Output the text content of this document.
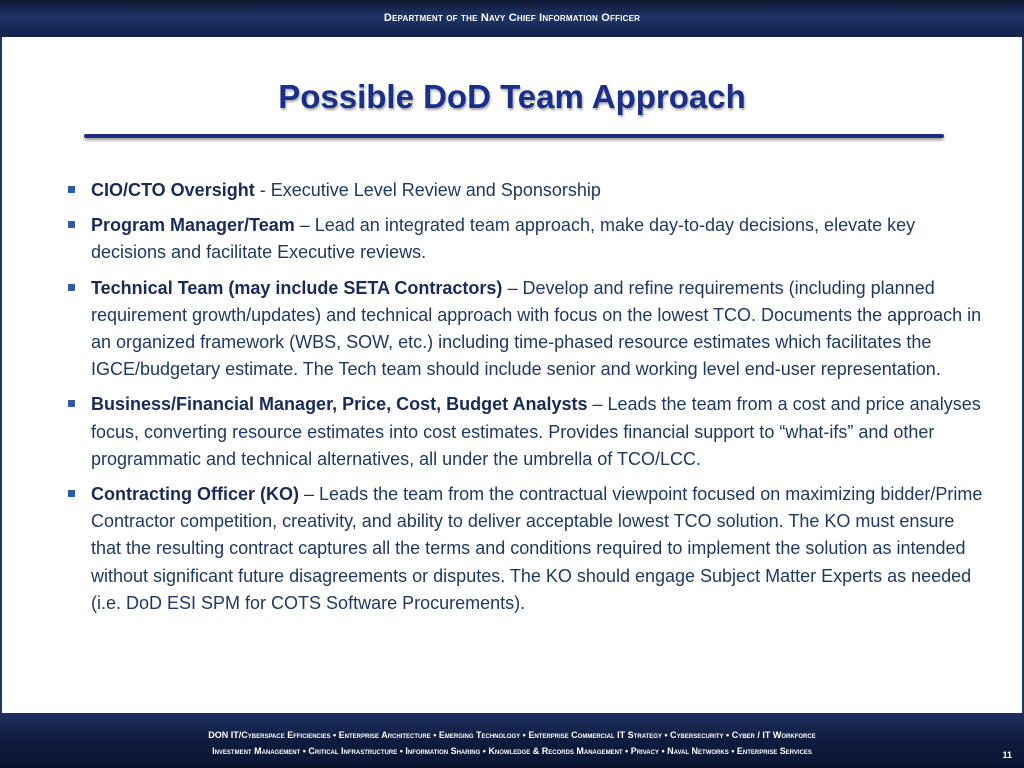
Department of the Navy Chief Information Officer
Possible DoD Team Approach
CIO/CTO Oversight - Executive Level Review and Sponsorship
Program Manager/Team – Lead an integrated team approach, make day-to-day decisions, elevate key decisions and facilitate Executive reviews.
Technical Team (may include SETA Contractors) – Develop and refine requirements (including planned requirement growth/updates) and technical approach with focus on the lowest TCO. Documents the approach in an organized framework (WBS, SOW, etc.) including time-phased resource estimates which facilitates the IGCE/budgetary estimate. The Tech team should include senior and working level end-user representation.
Business/Financial Manager, Price, Cost, Budget Analysts – Leads the team from a cost and price analyses focus, converting resource estimates into cost estimates. Provides financial support to “what-ifs” and other programmatic and technical alternatives, all under the umbrella of TCO/LCC.
Contracting Officer (KO) – Leads the team from the contractual viewpoint focused on maximizing bidder/Prime Contractor competition, creativity, and ability to deliver acceptable lowest TCO solution. The KO must ensure that the resulting contract captures all the terms and conditions required to implement the solution as intended without significant future disagreements or disputes. The KO should engage Subject Matter Experts as needed (i.e. DoD ESI SPM for COTS Software Procurements).
DON IT/Cyberspace Efficiencies • Enterprise Architecture • Emerging Technology • Enterprise Commercial IT Strategy • Cybersecurity • Cyber / IT Workforce
Investment Management • Critical Infrastructure • Information Sharing • Knowledge & Records Management • Privacy • Naval Networks • Enterprise Services	11
